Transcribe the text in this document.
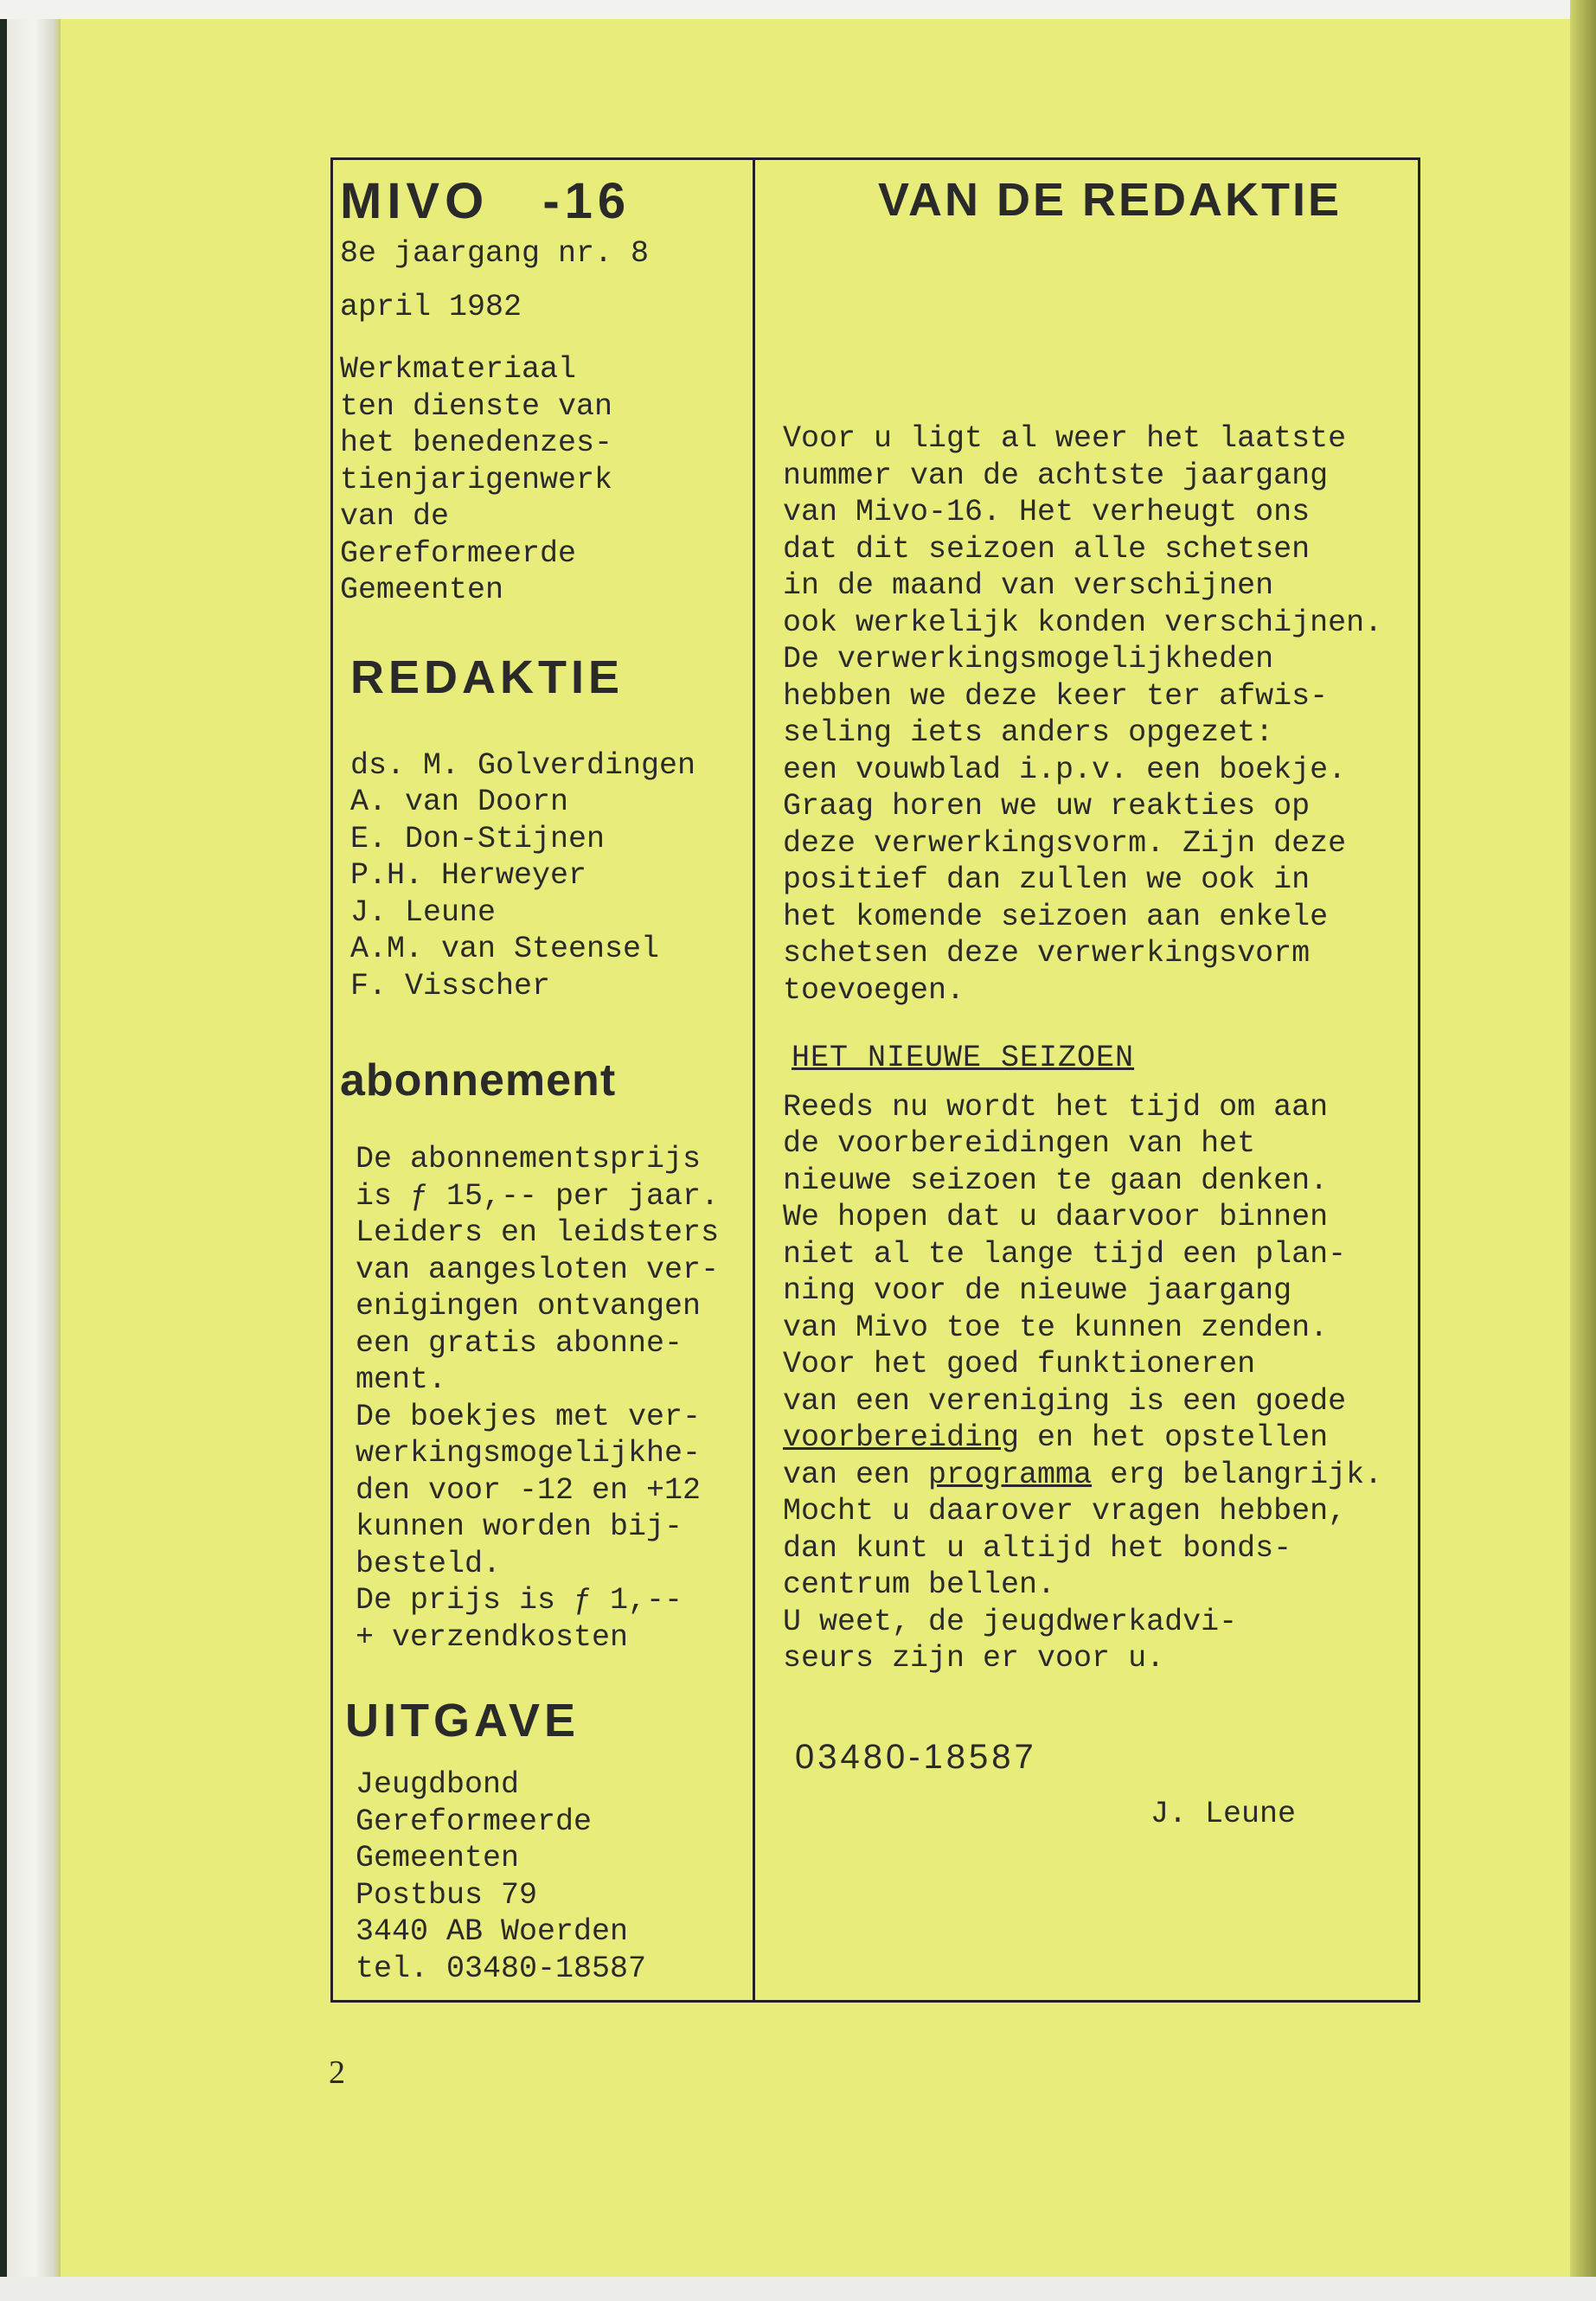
MIVO -16

8e jaargang nr. 8

april 1982

Werkmateriaal
ten dienste van
het benedenzes-
tienjarigenwerk
van de
Gereformeerde
Gemeenten

REDAKTIE

ds. M. Golverdingen
A. van Doorn
E. Don-Stijnen
P.H. Herweyer
J. Leune
A.M. van Steensel
F. Visscher

abonnement

De abonnementsprijs
is ƒ 15,-- per jaar.
Leiders en leidsters
van aangesloten ver-
enigingen ontvangen
een gratis abonne-
ment.
De boekjes met ver-
werkingsmogelijkhe-
den voor -12 en +12
kunnen worden bij-
besteld.
De prijs is ƒ 1,--
+ verzendkosten

UITGAVE

Jeugdbond
Gereformeerde
Gemeenten
Postbus 79
3440 AB Woerden
tel. 03480-18587

VAN DE REDAKTIE

Voor u ligt al weer het laatste
nummer van de achtste jaargang
van Mivo-16. Het verheugt ons
dat dit seizoen alle schetsen
in de maand van verschijnen
ook werkelijk konden verschijnen.
De verwerkingsmogelijkheden
hebben we deze keer ter afwis-
seling iets anders opgezet:
een vouwblad i.p.v. een boekje.
Graag horen we uw reakties op
deze verwerkingsvorm. Zijn deze
positief dan zullen we ook in
het komende seizoen aan enkele
schetsen deze verwerkingsvorm
toevoegen.

HET_NIEUWE_SEIZOEN

Reeds nu wordt het tijd om aan
de voorbereidingen van het
nieuwe seizoen te gaan denken.
We hopen dat u daarvoor binnen
niet al te lange tijd een plan-
ning voor de nieuwe jaargang
van Mivo toe te kunnen zenden.
Voor het goed funktioneren
van een vereniging is een goede

voorbereiding en het opstellen

van een programma erg belangrijk.

Mocht u daarover vragen hebben,
dan kunt u altijd het bonds-
centrum bellen.
U weet, de jeugdwerkadvi-
seurs zijn er voor u.

03480-18587

J. Leune

2
